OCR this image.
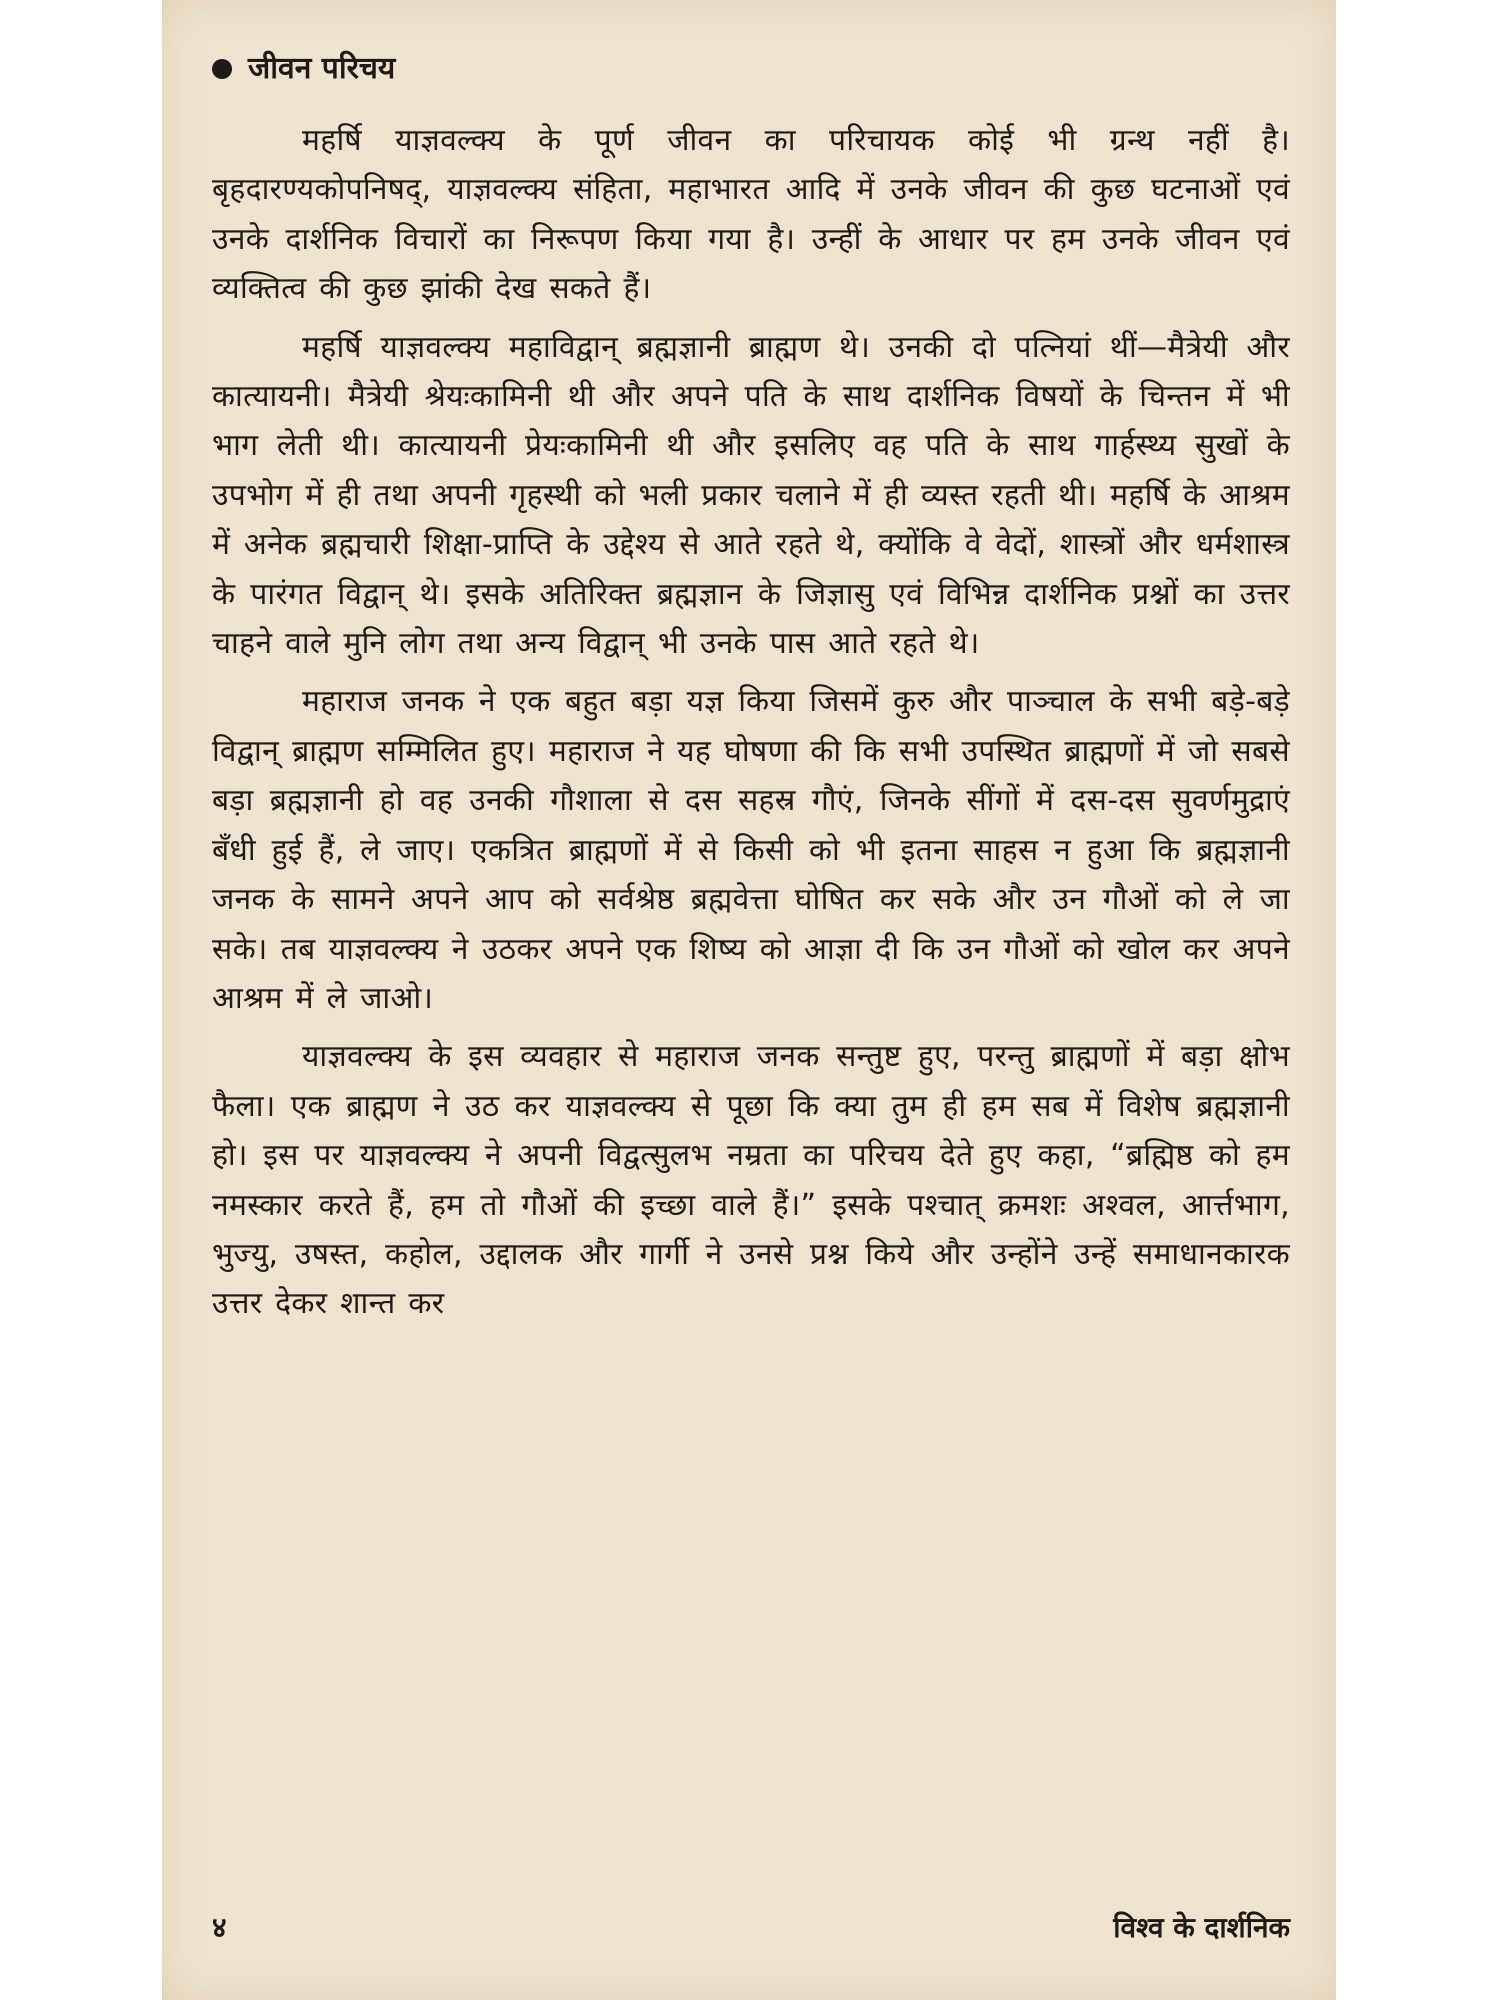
जीवन परिचय

महर्षि याज्ञवल्क्य के पूर्ण जीवन का परिचायक कोई भी ग्रन्थ नहीं है। बृहदारण्यकोपनिषद्, याज्ञवल्क्य संहिता, महाभारत आदि में उनके जीवन की कुछ घटनाओं एवं उनके दार्शनिक विचारों का निरूपण किया गया है। उन्हीं के आधार पर हम उनके जीवन एवं व्यक्तित्व की कुछ झांकी देख सकते हैं।

महर्षि याज्ञवल्क्य महाविद्वान् ब्रह्मज्ञानी ब्राह्मण थे। उनकी दो पत्नियां थीं—मैत्रेयी और कात्यायनी। मैत्रेयी श्रेयःकामिनी थी और अपने पति के साथ दार्शनिक विषयों के चिन्तन में भी भाग लेती थी। कात्यायनी प्रेयःकामिनी थी और इसलिए वह पति के साथ गार्हस्थ्य सुखों के उपभोग में ही तथा अपनी गृहस्थी को भली प्रकार चलाने में ही व्यस्त रहती थी। महर्षि के आश्रम में अनेक ब्रह्मचारी शिक्षा-प्राप्ति के उद्देश्य से आते रहते थे, क्योंकि वे वेदों, शास्त्रों और धर्मशास्त्र के पारंगत विद्वान् थे। इसके अतिरिक्त ब्रह्मज्ञान के जिज्ञासु एवं विभिन्न दार्शनिक प्रश्नों का उत्तर चाहने वाले मुनि लोग तथा अन्य विद्वान् भी उनके पास आते रहते थे।

महाराज जनक ने एक बहुत बड़ा यज्ञ किया जिसमें कुरु और पाञ्चाल के सभी बड़े-बड़े विद्वान् ब्राह्मण सम्मिलित हुए। महाराज ने यह घोषणा की कि सभी उपस्थित ब्राह्मणों में जो सबसे बड़ा ब्रह्मज्ञानी हो वह उनकी गौशाला से दस सहस्र गौएं, जिनके सींगों में दस-दस सुवर्णमुद्राएं बँधी हुई हैं, ले जाए। एकत्रित ब्राह्मणों में से किसी को भी इतना साहस न हुआ कि ब्रह्मज्ञानी जनक के सामने अपने आप को सर्वश्रेष्ठ ब्रह्मवेत्ता घोषित कर सके और उन गौओं को ले जा सके। तब याज्ञवल्क्य ने उठकर अपने एक शिष्य को आज्ञा दी कि उन गौओं को खोल कर अपने आश्रम में ले जाओ।

याज्ञवल्क्य के इस व्यवहार से महाराज जनक सन्तुष्ट हुए, परन्तु ब्राह्मणों में बड़ा क्षोभ फैला। एक ब्राह्मण ने उठ कर याज्ञवल्क्य से पूछा कि क्या तुम ही हम सब में विशेष ब्रह्मज्ञानी हो। इस पर याज्ञवल्क्य ने अपनी विद्वत्सुलभ नम्रता का परिचय देते हुए कहा, “ब्रह्मिष्ठ को हम नमस्कार करते हैं, हम तो गौओं की इच्छा वाले हैं।” इसके पश्चात् क्रमशः अश्वल, आर्त्तभाग, भुज्यु, उषस्त, कहोल, उद्दालक और गार्गी ने उनसे प्रश्न किये और उन्होंने उन्हें समाधानकारक उत्तर देकर शान्त कर

४	विश्व के दार्शनिक
